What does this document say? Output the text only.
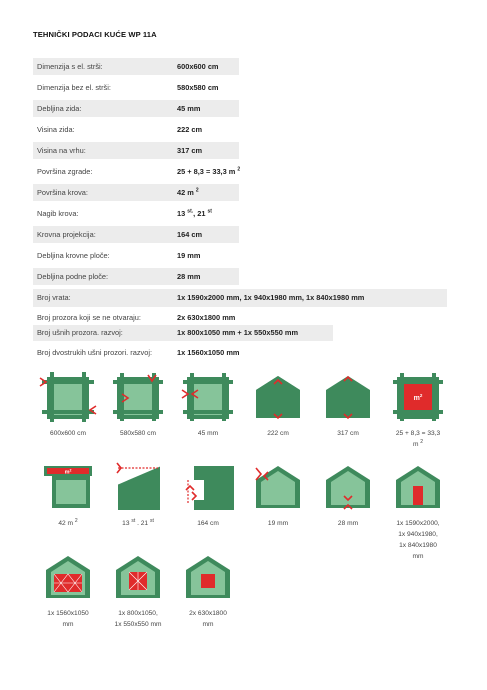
TEHNIČKI PODACI KUĆE WP 11A
Dimenzija s el. strši:	600x600 cm
Dimenzija bez el. strši:	580x580 cm
Debljina zida:	45 mm
Visina zida:	222 cm
Visina na vrhu:	317 cm
Površina zgrade:	25 + 8,3 = 33,3 m $^2$
Površina krova:	42 m $^2$
Nagib krova:	13 $^{st.}$, 21 $^{st}$
Krovna projekcija:	164 cm
Debljina krovne ploče:	19 mm
Debljina podne ploče:	28 mm
Broj vrata:	1x 1590x2000 mm, 1x 940x1980 mm, 1x 840x1980 mm
Broj prozora koji se ne otvaraju:	2x 630x1800 mm
Broj ušnih prozora. razvoj:	1x 800x1050 mm + 1x 550x550 mm
Broj dvostrukih ušni prozori. razvoj:	1x 1560x1050 mm
600x600 cm	580x580 cm	45 mm	222 cm	317 cm
$m^2$
25 + 8,3 = 33,3
m $^2$
$m^2$
42 m $^2$	13 $^{st}$ . 21 $^{st}$	164 cm	19 mm	28 mm	1x 1590x2000,
1x 940x1980,
1x 840x1980
mm
1x 1560x1050
mm
1x 800x1050,
1x 550x550 mm
2x 630x1800
mm
